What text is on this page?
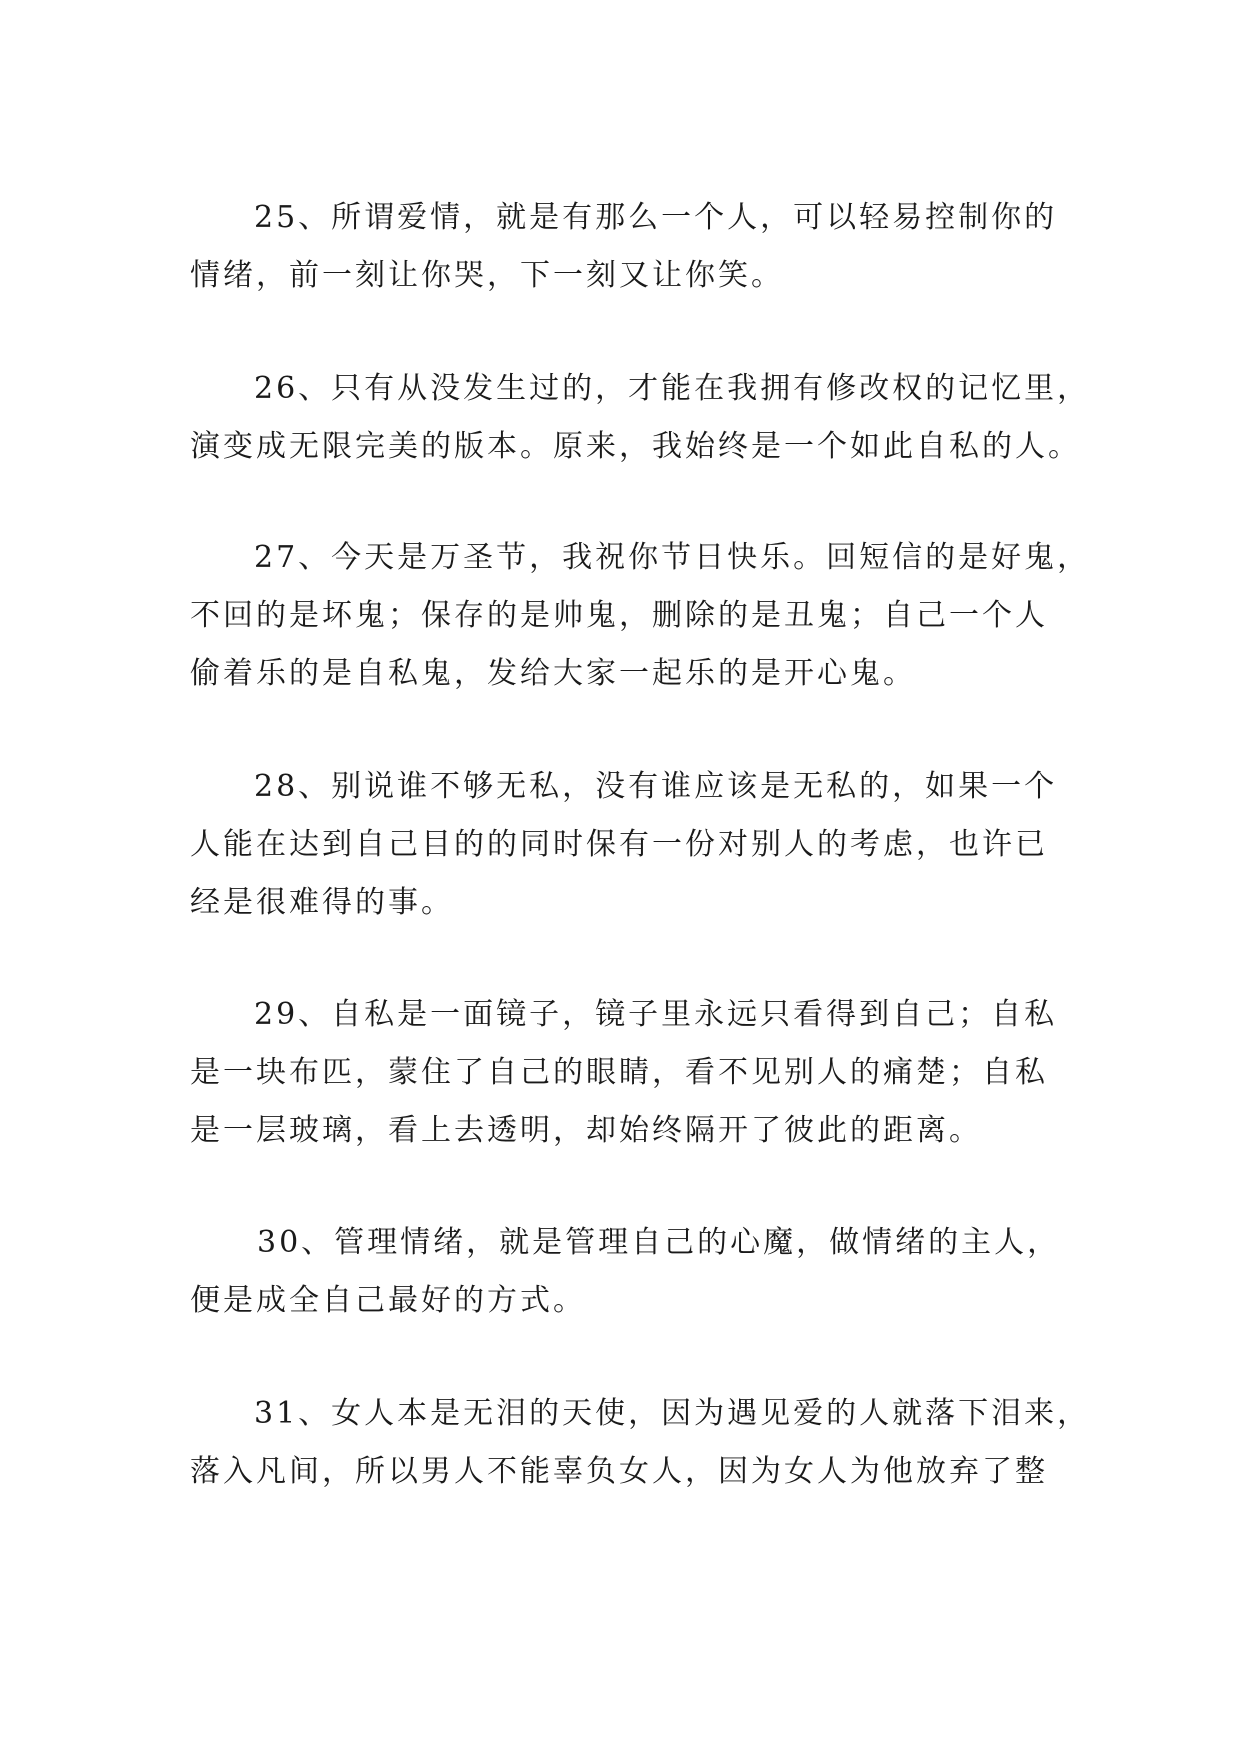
25、所谓爱情，就是有那么一个人，可以轻易控制你的
情绪，前一刻让你哭，下一刻又让你笑。
26、只有从没发生过的，才能在我拥有修改权的记忆里，
演变成无限完美的版本。原来，我始终是一个如此自私的人。
27、今天是万圣节，我祝你节日快乐。回短信的是好鬼，
不回的是坏鬼；保存的是帅鬼，删除的是丑鬼；自己一个人
偷着乐的是自私鬼，发给大家一起乐的是开心鬼。
28、别说谁不够无私，没有谁应该是无私的，如果一个
人能在达到自己目的的同时保有一份对别人的考虑，也许已
经是很难得的事。
29、自私是一面镜子，镜子里永远只看得到自己；自私
是一块布匹，蒙住了自己的眼睛，看不见别人的痛楚；自私
是一层玻璃，看上去透明，却始终隔开了彼此的距离。
30、管理情绪，就是管理自己的心魔，做情绪的主人，
便是成全自己最好的方式。
31、女人本是无泪的天使，因为遇见爱的人就落下泪来，
落入凡间，所以男人不能辜负女人，因为女人为他放弃了整
